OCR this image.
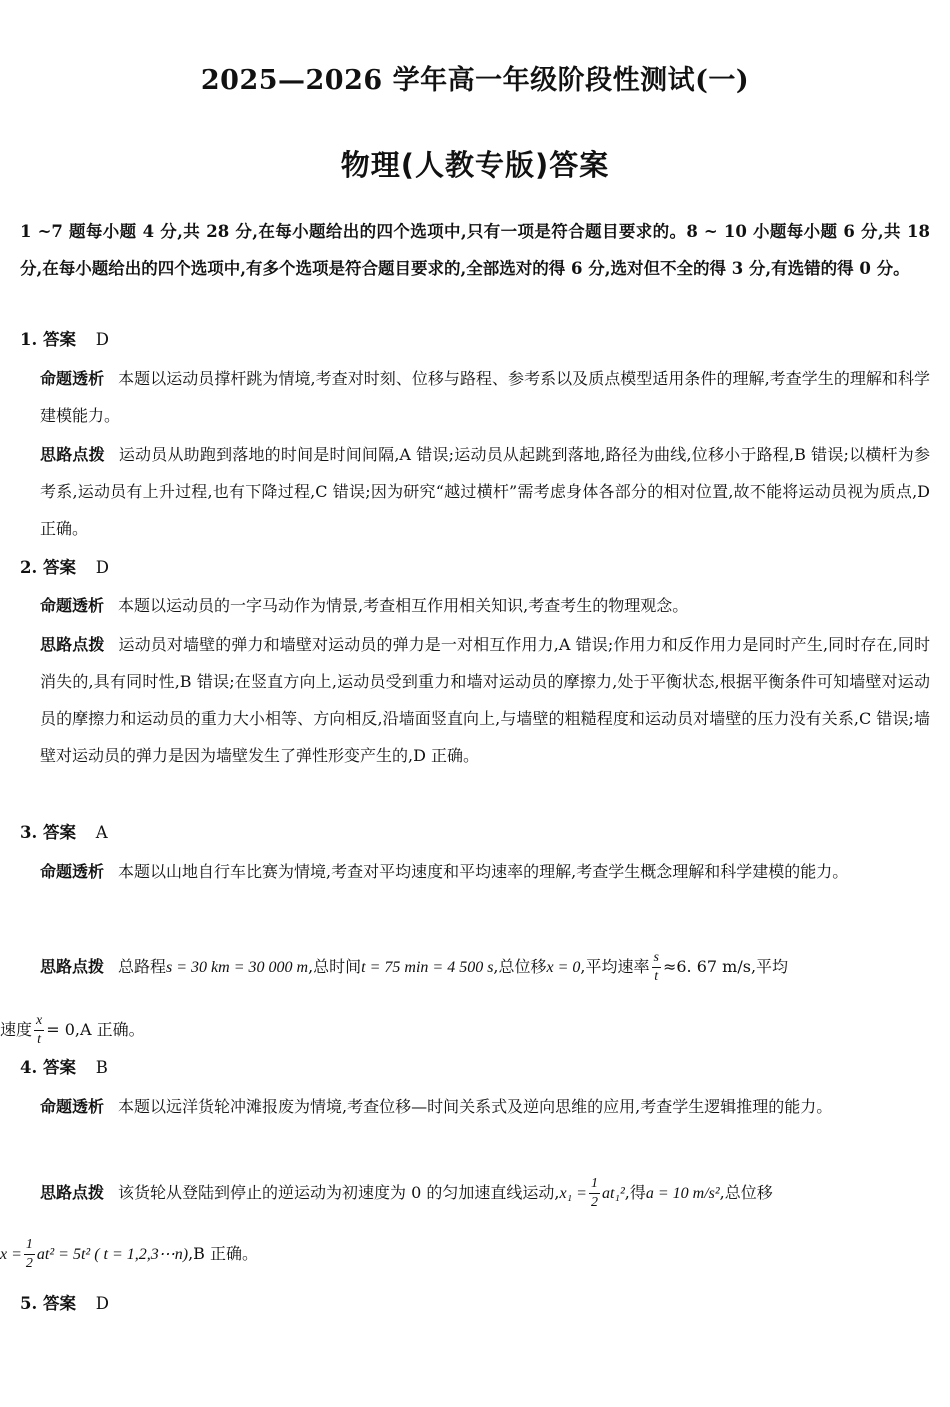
2025—2026 学年高一年级阶段性测试(一)
物理(人教专版)答案
1 ~7 题每小题 4 分,共 28 分,在每小题给出的四个选项中,只有一项是符合题目要求的。8 ~ 10 小题每小题 6 分,共 18 分,在每小题给出的四个选项中,有多个选项是符合题目要求的,全部选对的得 6 分,选对但不全的得 3 分,有选错的得 0 分。
1. 答案 D
命题透析 本题以运动员撑杆跳为情境,考查对时刻、位移与路程、参考系以及质点模型适用条件的理解,考查学生的理解和科学建模能力。
思路点拨 运动员从助跑到落地的时间是时间间隔,A 错误;运动员从起跳到落地,路径为曲线,位移小于路程,B 错误;以横杆为参考系,运动员有上升过程,也有下降过程,C 错误;因为研究“越过横杆”需考虑身体各部分的相对位置,故不能将运动员视为质点,D 正确。
2. 答案 D
命题透析 本题以运动员的一字马动作为情景,考查相互作用相关知识,考查考生的物理观念。
思路点拨 运动员对墙壁的弹力和墙壁对运动员的弹力是一对相互作用力,A 错误;作用力和反作用力是同时产生,同时存在,同时消失的,具有同时性,B 错误;在竖直方向上,运动员受到重力和墙对运动员的摩擦力,处于平衡状态,根据平衡条件可知墙壁对运动员的摩擦力和运动员的重力大小相等、方向相反,沿墙面竖直向上,与墙壁的粗糙程度和运动员对墙壁的压力没有关系,C 错误;墙壁对运动员的弹力是因为墙壁发生了弹性形变产生的,D 正确。
3. 答案 A
命题透析 本题以山地自行车比赛为情境,考查对平均速度和平均速率的理解,考查学生概念理解和科学建模的能力。
思路点拨 总路程s = 30 km = 30 000 m,总时间t = 75 min = 4 500 s,总位移x = 0,平均速率 $\frac{s}{t} \approx 6$. 67 m/s,平均
速度 $\frac{x}{t} = 0,A$ 正确。
4. 答案 B
命题透析 本题以远洋货轮冲滩报废为情境,考查位移—时间关系式及逆向思维的应用,考查学生逻辑推理的能力。
思路点拨 该货轮从登陆到停止的逆运动为初速度为 0 的匀加速直线运动$,x_1 = \frac{1}{2} at_1^2$,得a = 10 m/s²,总位移
$x = \frac{1}{2} at^2 = 5t^2$ ( t = 1,2,3⋯n),B 正确。
5. 答案 D
